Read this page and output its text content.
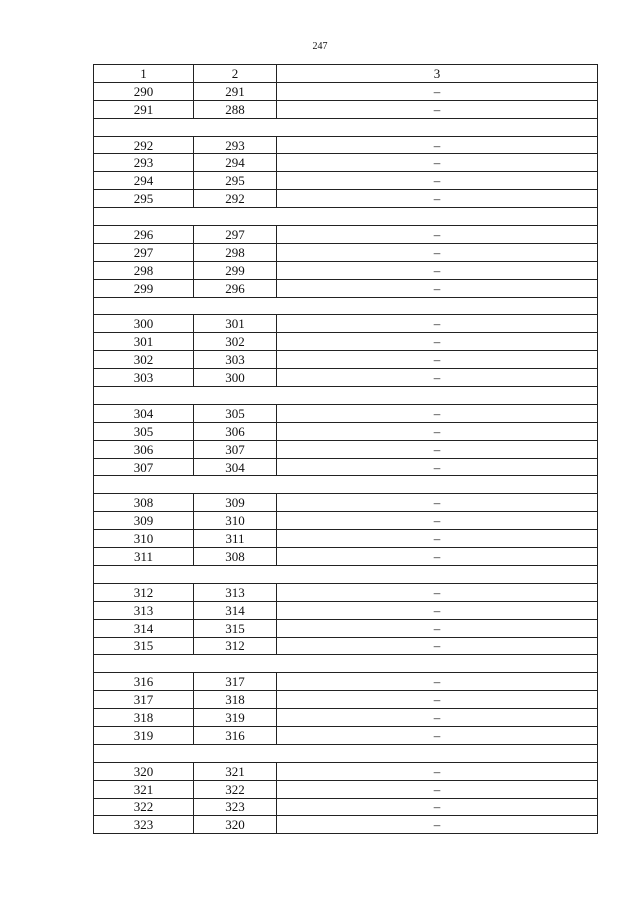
247
1	2	3
290	291	–
291	288	–

292	293	–
293	294	–
294	295	–
295	292	–

296	297	–
297	298	–
298	299	–
299	296	–

300	301	–
301	302	–
302	303	–
303	300	–

304	305	–
305	306	–
306	307	–
307	304	–

308	309	–
309	310	–
310	311	–
311	308	–

312	313	–
313	314	–
314	315	–
315	312	–

316	317	–
317	318	–
318	319	–
319	316	–

320	321	–
321	322	–
322	323	–
323	320	–
